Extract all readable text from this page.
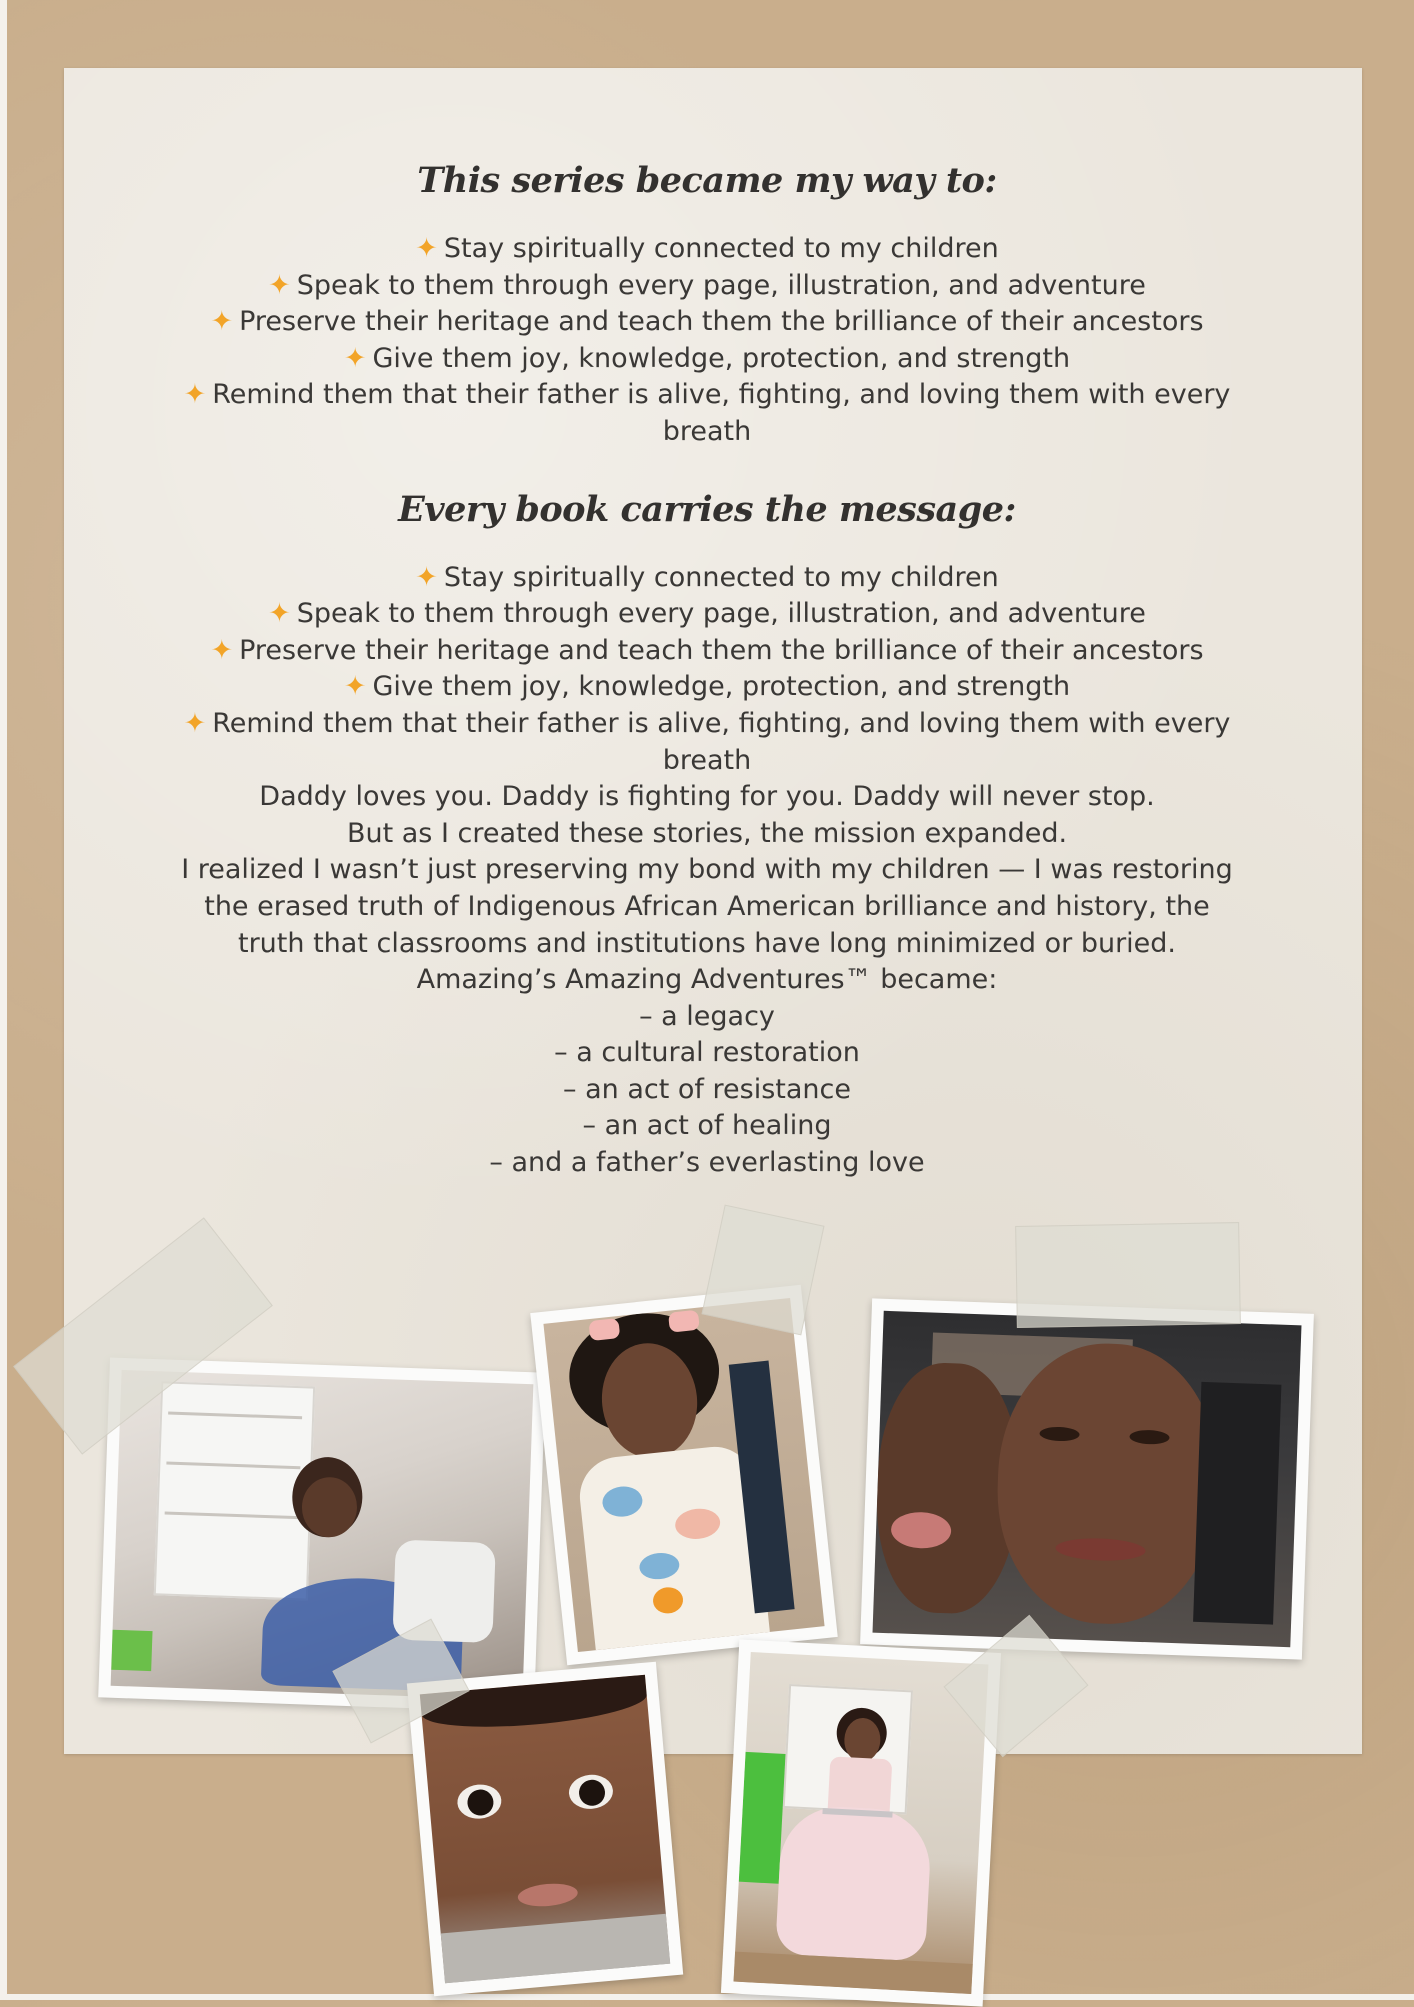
This series became my way to:
✦ Stay spiritually connected to my children
✦ Speak to them through every page, illustration, and adventure
✦ Preserve their heritage and teach them the brilliance of their ancestors
✦ Give them joy, knowledge, protection, and strength
✦ Remind them that their father is alive, fighting, and loving them with every breath
Every book carries the message:
✦ Stay spiritually connected to my children
✦ Speak to them through every page, illustration, and adventure
✦ Preserve their heritage and teach them the brilliance of their ancestors
✦ Give them joy, knowledge, protection, and strength
✦ Remind them that their father is alive, fighting, and loving them with every breath
Daddy loves you. Daddy is fighting for you. Daddy will never stop.
But as I created these stories, the mission expanded.
I realized I wasn’t just preserving my bond with my children — I was restoring
the erased truth of Indigenous African American brilliance and history, the
truth that classrooms and institutions have long minimized or buried.
Amazing’s Amazing Adventures™ became:
– a legacy
– a cultural restoration
– an act of resistance
– an act of healing
– and a father’s everlasting love
